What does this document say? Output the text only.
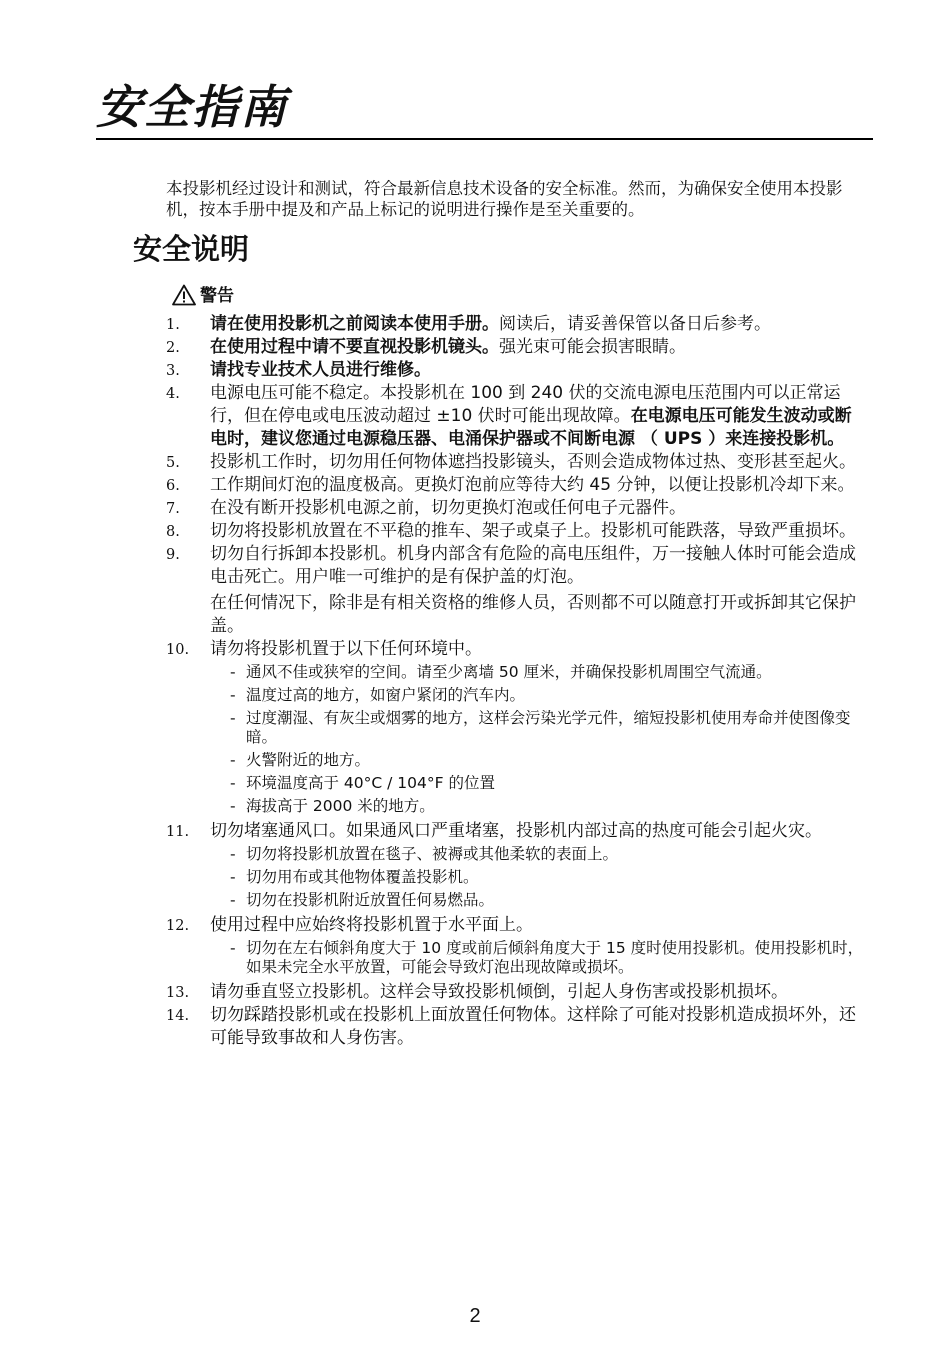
安全指南

本投影机经过设计和测试，符合最新信息技术设备的安全标准。然而，为确保安全使用本投影机，按本手册中提及和产品上标记的说明进行操作是至关重要的。

安全说明
警告
1. 请在使用投影机之前阅读本使用手册。阅读后，请妥善保管以备日后参考。

2. 在使用过程中请不要直视投影机镜头。强光束可能会损害眼睛。

3. 请找专业技术人员进行维修。

4. 电源电压可能不稳定。本投影机在 100 到 240 伏的交流电源电压范围内可以正常运行，但在停电或电压波动超过 ±10 伏时可能出现故障。在电源电压可能发生波动或断电时，建议您通过电源稳压器、电涌保护器或不间断电源 （ UPS ）来连接投影机。

5. 投影机工作时，切勿用任何物体遮挡投影镜头，否则会造成物体过热、变形甚至起火。

6. 工作期间灯泡的温度极高。更换灯泡前应等待大约 45 分钟，以便让投影机冷却下来。

7. 在没有断开投影机电源之前，切勿更换灯泡或任何电子元器件。

8. 切勿将投影机放置在不平稳的推车、架子或桌子上。投影机可能跌落，导致严重损坏。

9. 切勿自行拆卸本投影机。机身内部含有危险的高电压组件，万一接触人体时可能会造成电击死亡。用户唯一可维护的是有保护盖的灯泡。

在任何情况下，除非是有相关资格的维修人员，否则都不可以随意打开或拆卸其它保护盖。

10. 请勿将投影机置于以下任何环境中。

- 通风不佳或狭窄的空间。请至少离墙 50 厘米，并确保投影机周围空气流通。
- 温度过高的地方，如窗户紧闭的汽车内。
- 过度潮湿、有灰尘或烟雾的地方，这样会污染光学元件，缩短投影机使用寿命并使图像变暗。
- 火警附近的地方。
- 环境温度高于 40°C / 104°F 的位置
- 海拔高于 2000 米的地方。
11. 切勿堵塞通风口。如果通风口严重堵塞，投影机内部过高的热度可能会引起火灾。

- 切勿将投影机放置在毯子、被褥或其他柔软的表面上。
- 切勿用布或其他物体覆盖投影机。
- 切勿在投影机附近放置任何易燃品。
12. 使用过程中应始终将投影机置于水平面上。

- 切勿在左右倾斜角度大于 10 度或前后倾斜角度大于 15 度时使用投影机。使用投影机时，如果未完全水平放置，可能会导致灯泡出现故障或损坏。
13. 请勿垂直竖立投影机。这样会导致投影机倾倒，引起人身伤害或投影机损坏。

14. 切勿踩踏投影机或在投影机上面放置任何物体。这样除了可能对投影机造成损坏外，还可能导致事故和人身伤害。

2
